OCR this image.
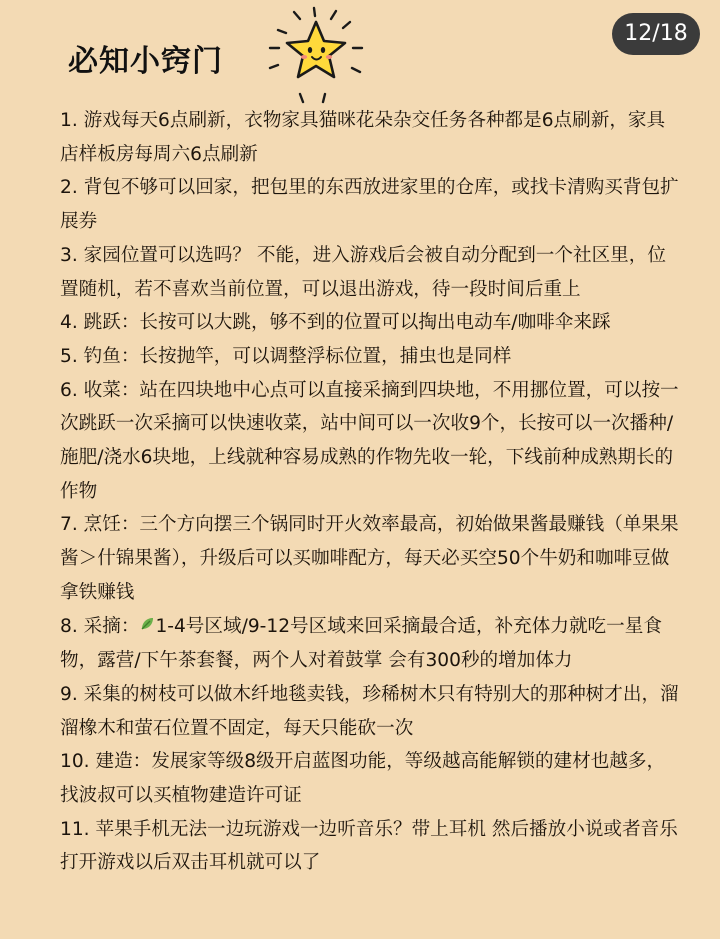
12/18
必知小窍门
1. 游戏每天6点刷新，衣物家具猫咪花朵杂交任务各种都是6点刷新，家具店样板房每周六6点刷新
2. 背包不够可以回家，把包里的东西放进家里的仓库，或找卡清购买背包扩展券
3. 家园位置可以选吗？ 不能，进入游戏后会被自动分配到一个社区里，位置随机，若不喜欢当前位置，可以退出游戏，待一段时间后重上
4. 跳跃：长按可以大跳，够不到的位置可以掏出电动车/咖啡伞来踩
5. 钓鱼：长按抛竿，可以调整浮标位置，捕虫也是同样
6. 收菜：站在四块地中心点可以直接采摘到四块地，不用挪位置，可以按一次跳跃一次采摘可以快速收菜，站中间可以一次收9个，长按可以一次播种/施肥/浇水6块地，上线就种容易成熟的作物先收一轮，下线前种成熟期长的作物
7. 烹饪：三个方向摆三个锅同时开火效率最高，初始做果酱最赚钱（单果果酱＞什锦果酱），升级后可以买咖啡配方，每天必买空50个牛奶和咖啡豆做拿铁赚钱
8. 采摘： 1-4号区域/9-12号区域来回采摘最合适，补充体力就吃一星食物，露营/下午茶套餐，两个人对着鼓掌 会有300秒的增加体力
9. 采集的树枝可以做木纤地毯卖钱，珍稀树木只有特别大的那种树才出，溜溜橡木和萤石位置不固定，每天只能砍一次
10. 建造：发展家等级8级开启蓝图功能，等级越高能解锁的建材也越多，找波叔可以买植物建造许可证
11. 苹果手机无法一边玩游戏一边听音乐？带上耳机 然后播放小说或者音乐 打开游戏以后双击耳机就可以了
